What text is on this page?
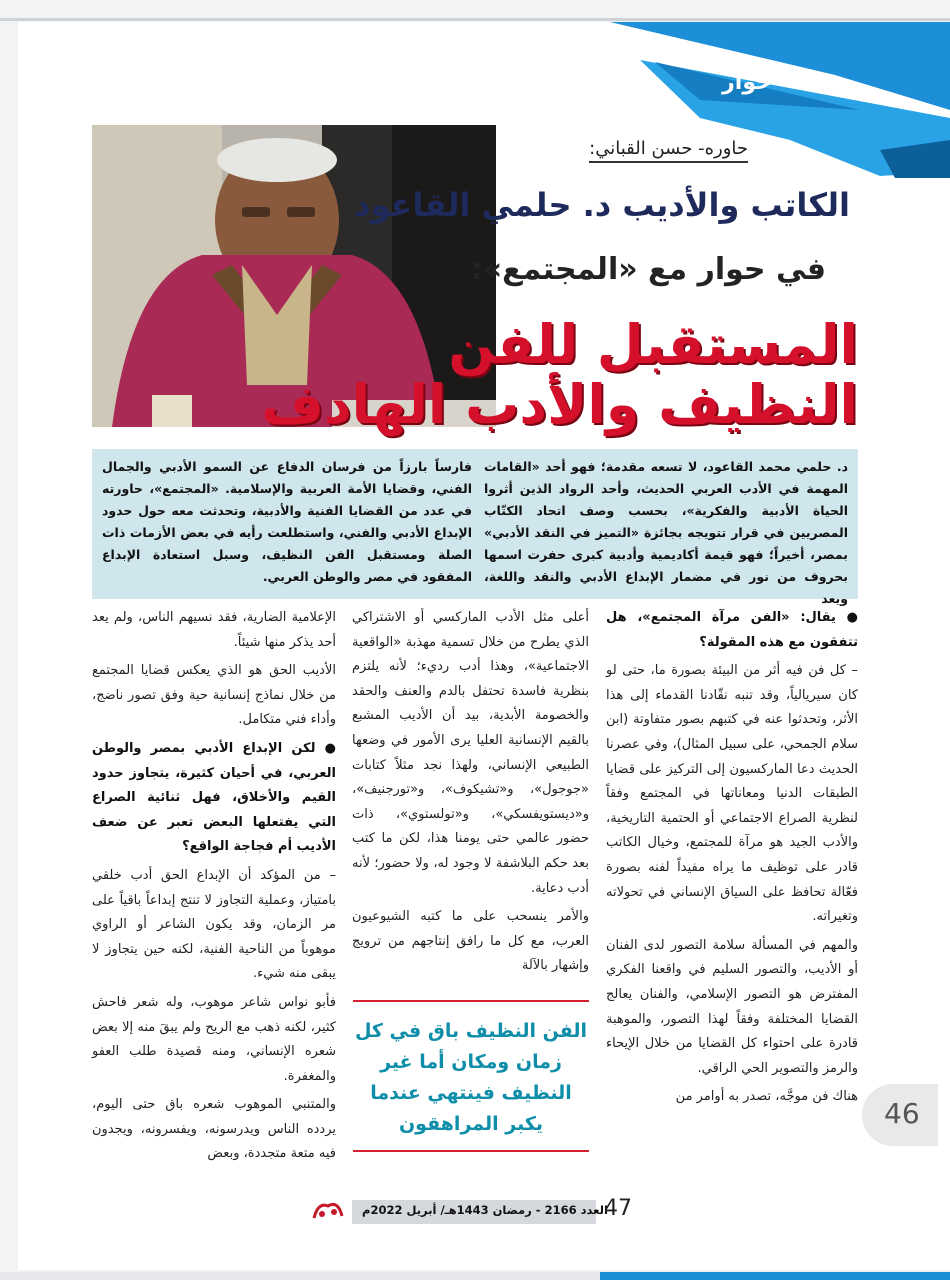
حوار
حاوره- حسن القباني:
الكاتب والأديب د. حلمي القاعود
في حوار مع «المجتمع»:
المستقبل للفن
النظيف والأدب الهادف
د. حلمي محمد القاعود، لا تسعه مقدمة؛ فهو أحد «القامات المهمة في الأدب العربي الحديث، وأحد الرواد الذين أثروا الحياة الأدبية والفكرية»، بحسب وصف اتحاد الكتّاب المصريين في قرار تتويجه بجائزة «التميز في النقد الأدبي» بمصر، أخيراً؛ فهو قيمة أكاديمية وأدبية كبرى حفرت اسمها بحروف من نور في مضمار الإبداع الأدبي والنقد واللغة، ويعد
فارساً بارزاً من فرسان الدفاع عن السمو الأدبي والجمال الفني، وقضايا الأمة العربية والإسلامية. «المجتمع»، حاورته في عدد من القضايا الفنية والأدبية، وتحدثت معه حول حدود الإبداع الأدبي والفني، واستطلعت رأيه في بعض الأزمات ذات الصلة ومستقبل الفن النظيف، وسبل استعادة الإبداع المفقود في مصر والوطن العربي.

● يقال: «الفن مرآة المجتمع»، هل تتفقون مع هذه المقولة؟

– كل فن فيه أثر من البيئة بصورة ما، حتى لو كان سيريالياً، وقد تنبه نقّادنا القدماء إلى هذا الأثر، وتحدثوا عنه في كتبهم بصور متفاوتة (ابن سلام الجمحي، على سبيل المثال)، وفي عصرنا الحديث دعا الماركسيون إلى التركيز على قضايا الطبقات الدنيا ومعاناتها في المجتمع وفقاً لنظرية الصراع الاجتماعي أو الحتمية التاريخية، والأدب الجيد هو مرآة للمجتمع، وخيال الكاتب قادر على توظيف ما يراه مفيداً لفنه بصورة فعّالة تحافظ على السياق الإنساني في تحولاته وتغيراته.

والمهم في المسألة سلامة التصور لدى الفنان أو الأديب، والتصور السليم في واقعنا الفكري المفترض هو التصور الإسلامي، والفنان يعالج القضايا المختلفة وفقاً لهذا التصور، والموهبة قادرة على احتواء كل القضايا من خلال الإيحاء والرمز والتصوير الحي الراقي.

هناك فن موجَّه، تصدر به أوامر من

أعلى مثل الأدب الماركسي أو الاشتراكي الذي يطرح من خلال تسمية مهذبة «الواقعية الاجتماعية»، وهذا أدب رديء؛ لأنه يلتزم بنظرية فاسدة تحتفل بالدم والعنف والحقد والخصومة الأبدية، بيد أن الأديب المشبع بالقيم الإنسانية العليا يرى الأمور في وضعها الطبيعي الإنساني، ولهذا نجد مثلاً كتابات «جوجول»، و«تشيكوف»، و«تورجنيف»، و«ديستويفسكي»، و«تولستوي»، ذات حضور عالمي حتى يومنا هذا، لكن ما كتب بعد حكم البلاشفة لا وجود له، ولا حضور؛ لأنه أدب دعاية.

والأمر ينسحب على ما كتبه الشيوعيون العرب، مع كل ما رافق إنتاجهم من ترويج وإشهار بالآلة

الفن النظيف باق في كل زمان ومكان أما غير النظيف فينتهي عندما يكبر المراهقون

الإعلامية الضارية، فقد نسيهم الناس، ولم يعد أحد يذكر منها شيئاً.

الأديب الحق هو الذي يعكس قضايا المجتمع من خلال نماذج إنسانية حية وفق تصور ناضج، وأداء فني متكامل.

● لكن الإبداع الأدبي بمصر والوطن العربي، في أحيان كثيرة، يتجاوز حدود القيم والأخلاق، فهل ثنائية الصراع التي يفتعلها البعض تعبر عن ضعف الأديب أم فجاجة الواقع؟

– من المؤكد أن الإبداع الحق أدب خلقي بامتياز، وعملية التجاوز لا تنتج إبداعاً باقياً على مر الزمان، وقد يكون الشاعر أو الراوي موهوباً من الناحية الفنية، لكنه حين يتجاوز لا يبقى منه شيء.

فأبو نواس شاعر موهوب، وله شعر فاحش كثير، لكنه ذهب مع الريح ولم يبقَ منه إلا بعض شعره الإنساني، ومنه قصيدة طلب العفو والمغفرة.

والمتنبي الموهوب شعره باق حتى اليوم، يردده الناس ويدرسونه، ويفسرونه، ويجدون فيه متعة متجددة، وبعض

46
العدد 2166 - رمضان 1443هـ/ أبريل 2022م
47
